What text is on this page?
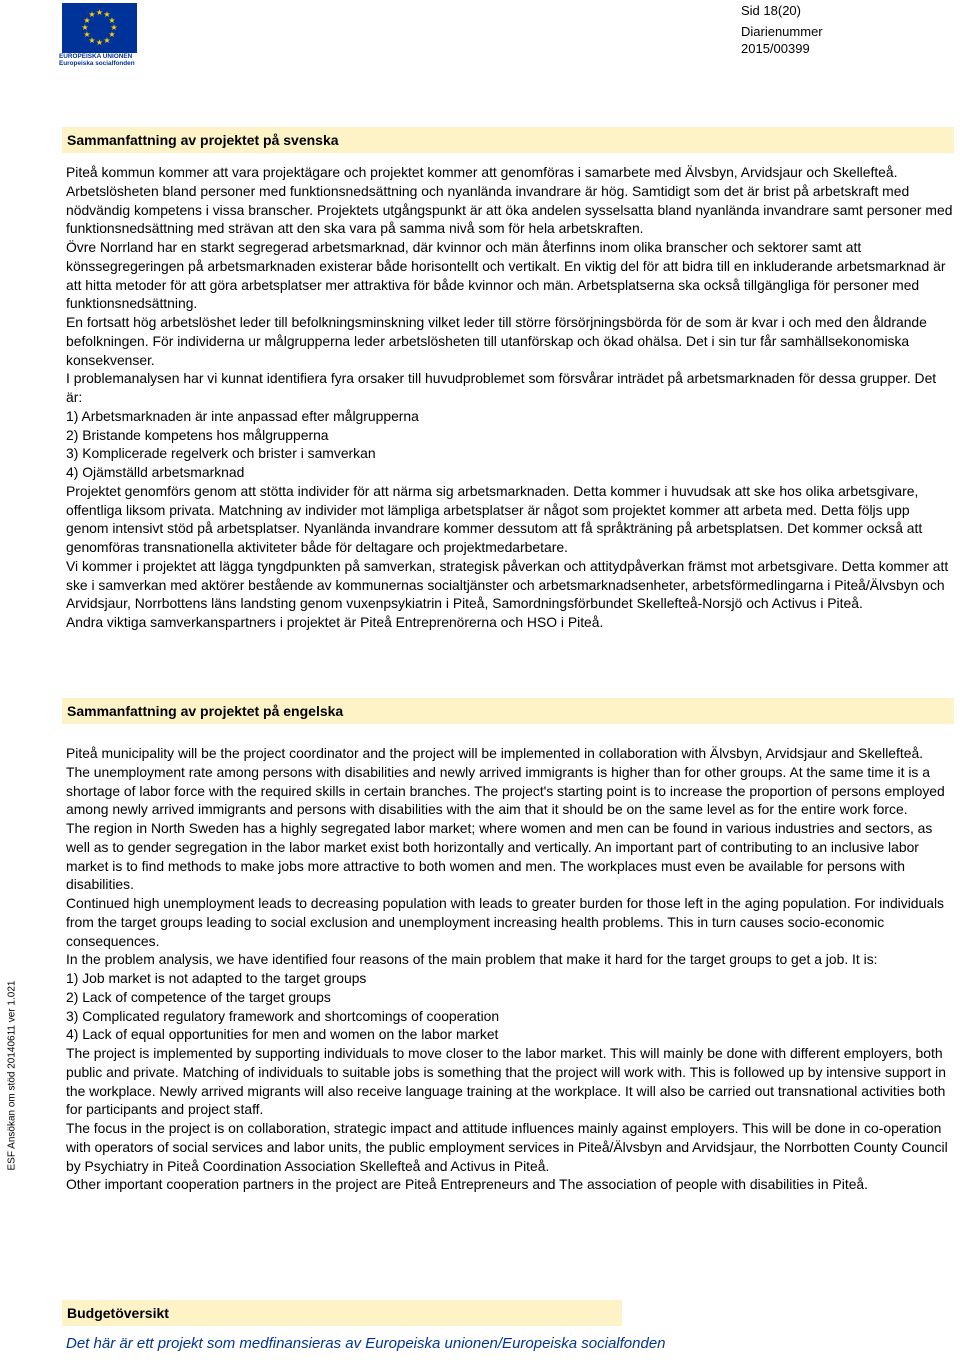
★ ★
★
★
★
★
★
★
★
★
★
★
EUROPEISKA UNIONEN
Europeiska socialfonden
Sid 18(20)
Diarienummer
2015/00399
Sammanfattning av projektet på svenska

Piteå kommun kommer att vara projektägare och projektet kommer att genomföras i samarbete med Älvsbyn, Arvidsjaur och Skellefteå.

Arbetslösheten bland personer med funktionsnedsättning och nyanlända invandrare är hög. Samtidigt som det är brist på arbetskraft med nödvändig kompetens i vissa branscher. Projektets utgångspunkt är att öka andelen sysselsatta bland nyanlända invandrare samt personer med funktionsnedsättning med strävan att den ska vara på samma nivå som för hela arbetskraften.

Övre Norrland har en starkt segregerad arbetsmarknad, där kvinnor och män återfinns inom olika branscher och sektorer samt att könssegregeringen på arbetsmarknaden existerar både horisontellt och vertikalt. En viktig del för att bidra till en inkluderande arbetsmarknad är att hitta metoder för att göra arbetsplatser mer attraktiva för både kvinnor och män. Arbetsplatserna ska också tillgängliga för personer med funktionsnedsättning.

En fortsatt hög arbetslöshet leder till befolkningsminskning vilket leder till större försörjningsbörda för de som är kvar i och med den åldrande befolkningen. För individerna ur målgrupperna leder arbetslösheten till utanförskap och ökad ohälsa. Det i sin tur får samhällsekonomiska konsekvenser.

I problemanalysen har vi kunnat identifiera fyra orsaker till huvudproblemet som försvårar inträdet på arbetsmarknaden för dessa grupper. Det är:

1) Arbetsmarknaden är inte anpassad efter målgrupperna

2) Bristande kompetens hos målgrupperna

3) Komplicerade regelverk och brister i samverkan

4) Ojämställd arbetsmarknad

Projektet genomförs genom att stötta individer för att närma sig arbetsmarknaden. Detta kommer i huvudsak att ske hos olika arbetsgivare, offentliga liksom privata. Matchning av individer mot lämpliga arbetsplatser är något som projektet kommer att arbeta med. Detta följs upp genom intensivt stöd på arbetsplatser. Nyanlända invandrare kommer dessutom att få språkträning på arbetsplatsen. Det kommer också att genomföras transnationella aktiviteter både för deltagare och projektmedarbetare.

Vi kommer i projektet att lägga tyngdpunkten på samverkan, strategisk påverkan och attitydpåverkan främst mot arbetsgivare. Detta kommer att ske i samverkan med aktörer bestående av kommunernas socialtjänster och arbetsmarknadsenheter, arbetsförmedlingarna i Piteå/Älvsbyn och Arvidsjaur, Norrbottens läns landsting genom vuxenpsykiatrin i Piteå, Samordningsförbundet Skellefteå-Norsjö och Activus i Piteå.

Andra viktiga samverkanspartners i projektet är Piteå Entreprenörerna och HSO i Piteå.

Sammanfattning av projektet på engelska

Piteå municipality will be the project coordinator and the project will be implemented in collaboration with Älvsbyn, Arvidsjaur and Skellefteå.

The unemployment rate among persons with disabilities and newly arrived immigrants is higher than for other groups. At the same time it is a shortage of labor force with the required skills in certain branches. The project's starting point is to increase the proportion of persons employed among newly arrived immigrants and persons with disabilities with the aim that it should be on the same level as for the entire work force.

The region in North Sweden has a highly segregated labor market; where women and men can be found in various industries and sectors, as well as to gender segregation in the labor market exist both horizontally and vertically. An important part of contributing to an inclusive labor market is to find methods to make jobs more attractive to both women and men. The workplaces must even be available for persons with disabilities.

Continued high unemployment leads to decreasing population with leads to greater burden for those left in the aging population. For individuals from the target groups leading to social exclusion and unemployment increasing health problems. This in turn causes socio-economic consequences.

In the problem analysis, we have identified four reasons of the main problem that make it hard for the target groups to get a job. It is:

1) Job market is not adapted to the target groups

2) Lack of competence of the target groups

3) Complicated regulatory framework and shortcomings of cooperation

4) Lack of equal opportunities for men and women on the labor market

The project is implemented by supporting individuals to move closer to the labor market. This will mainly be done with different employers, both public and private. Matching of individuals to suitable jobs is something that the project will work with. This is followed up by intensive support in the workplace. Newly arrived migrants will also receive language training at the workplace. It will also be carried out transnational activities both for participants and project staff.

The focus in the project is on collaboration, strategic impact and attitude influences mainly against employers. This will be done in co-operation with operators of social services and labor units, the public employment services in Piteå/Älvsbyn and Arvidsjaur, the Norrbotten County Council by Psychiatry in Piteå Coordination Association Skellefteå and Activus in Piteå.

Other important cooperation partners in the project are Piteå Entrepreneurs and The association of people with disabilities in Piteå.

Budgetöversikt
ESF Ansökan om stöd 20140611 ver 1.021
Det här är ett projekt som medfinansieras av Europeiska unionen/Europeiska socialfonden
